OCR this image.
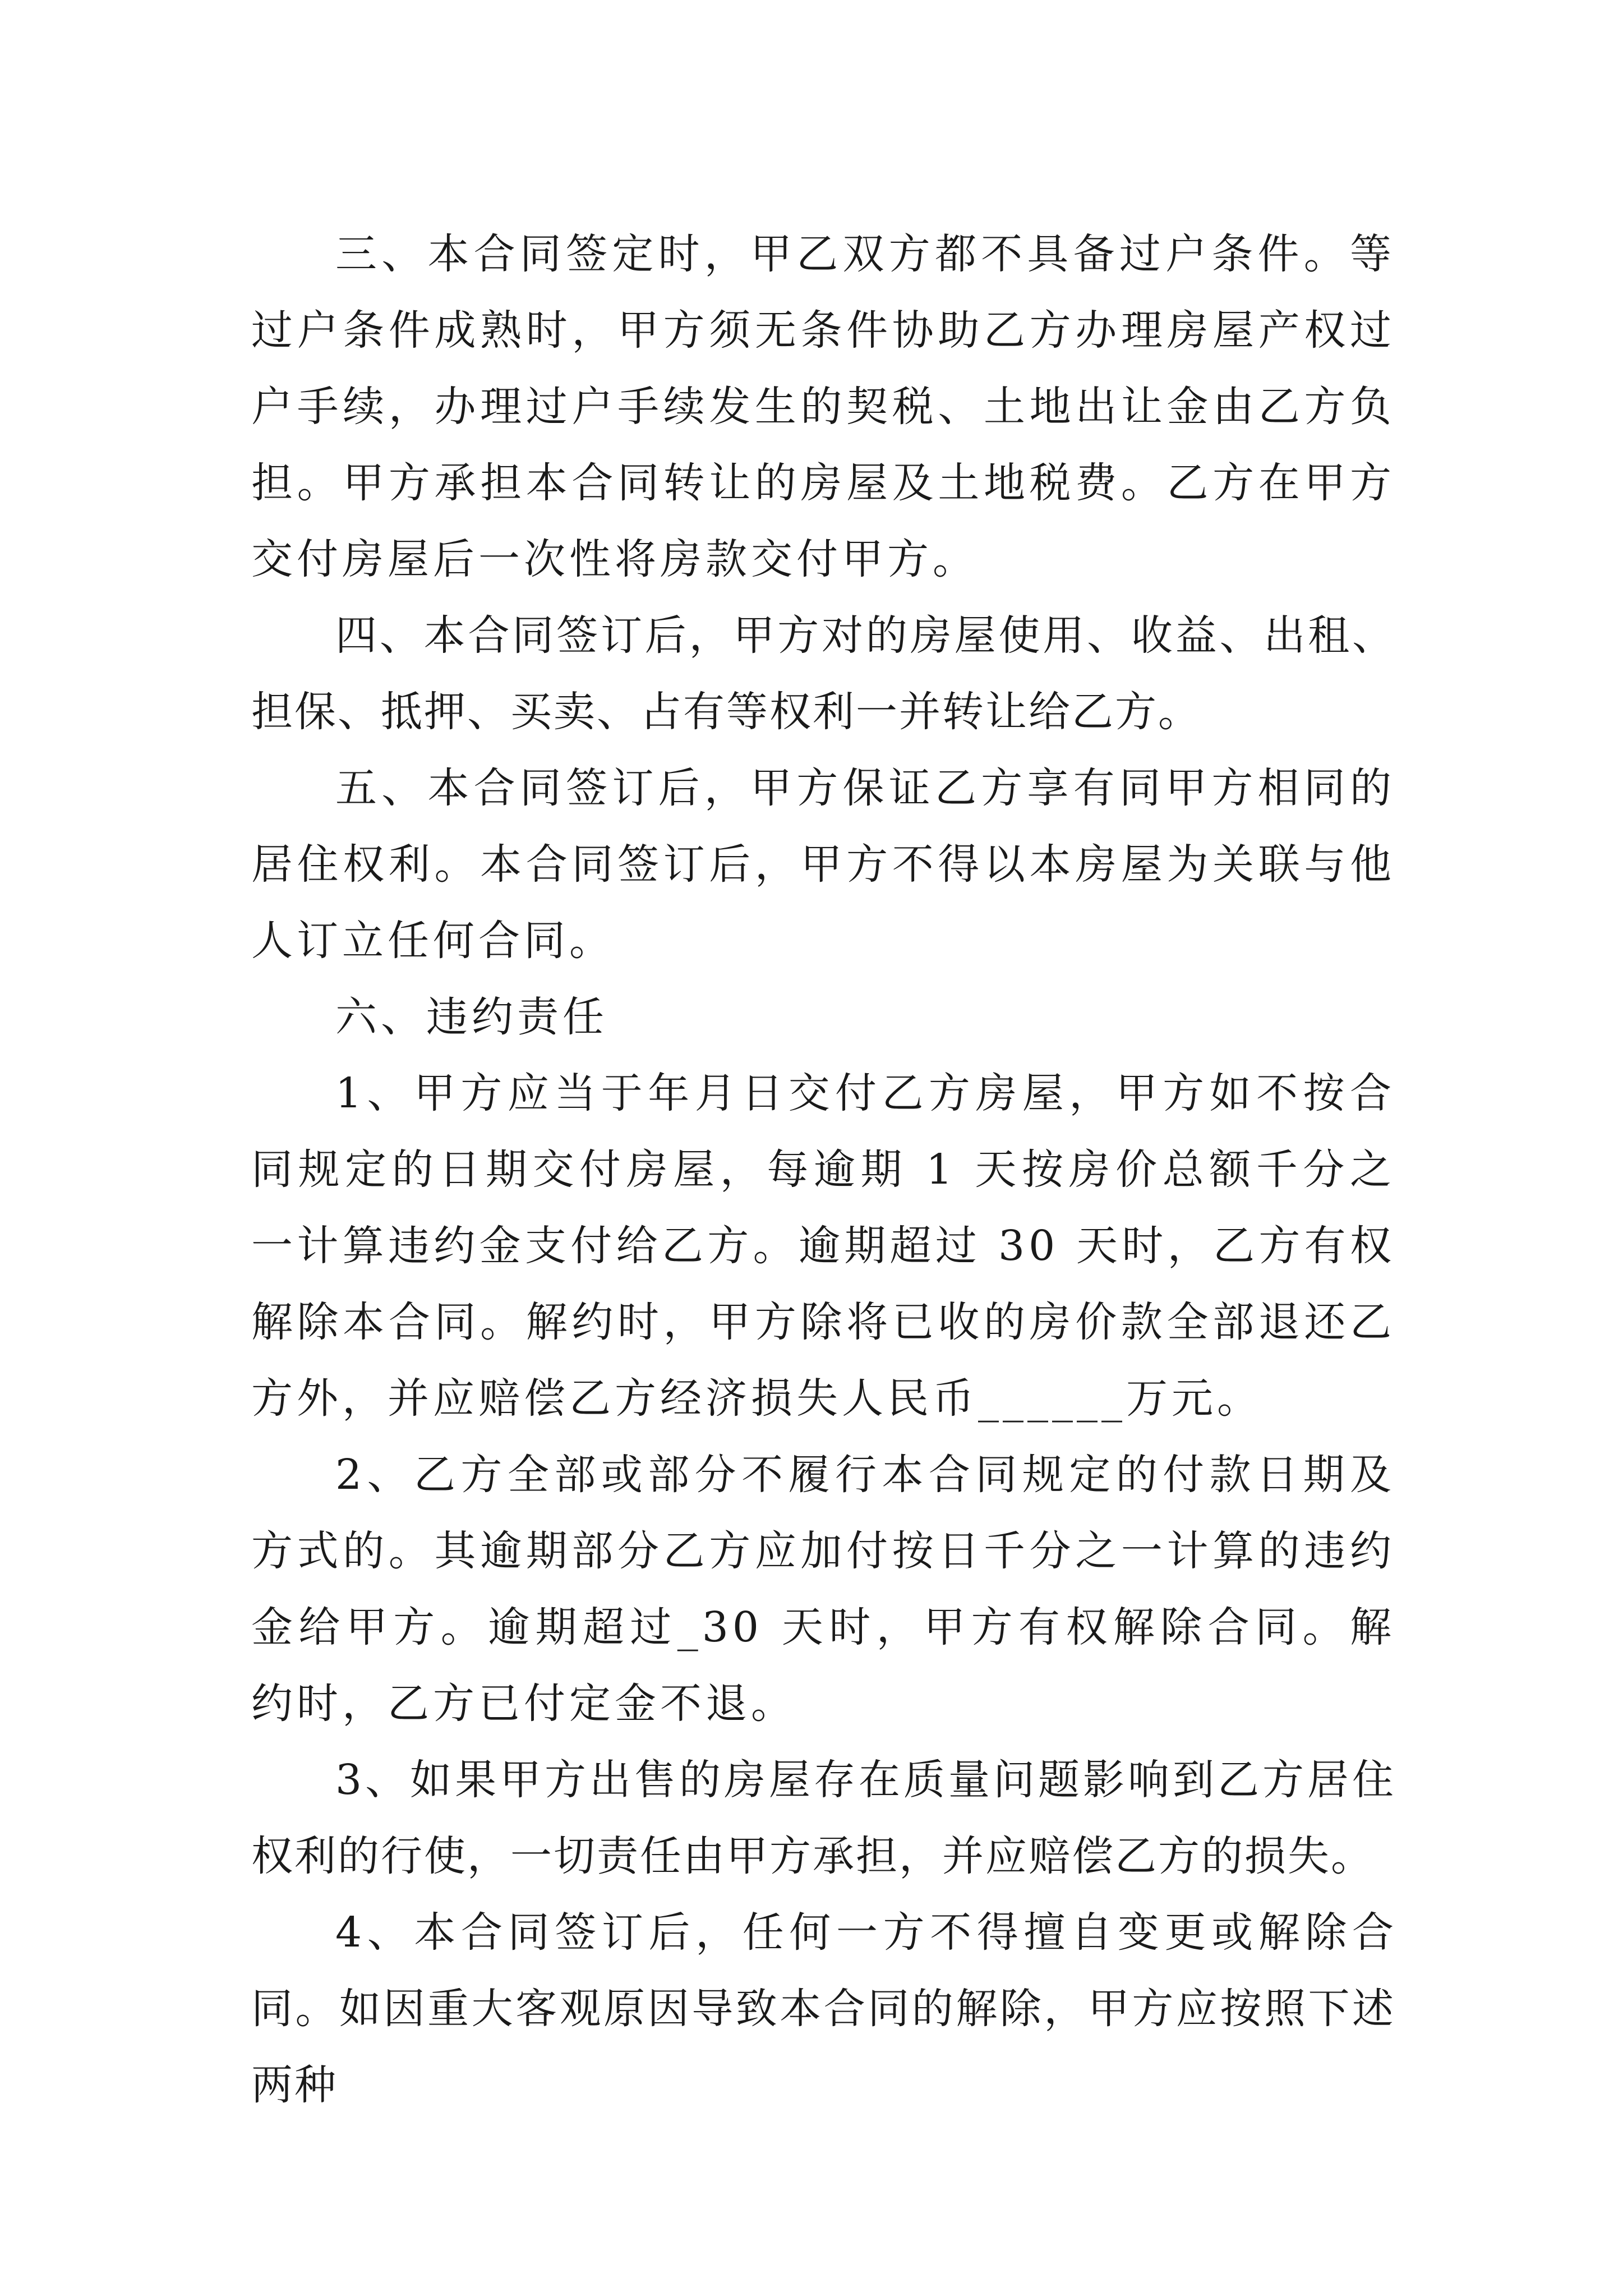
三、本合同签定时，甲乙双方都不具备过户条件。等过户条件成熟时，甲方须无条件协助乙方办理房屋产权过户手续，办理过户手续发生的契税、土地出让金由乙方负担。甲方承担本合同转让的房屋及土地税费。乙方在甲方交付房屋后一次性将房款交付甲方。

四、本合同签订后，甲方对的房屋使用、收益、出租、担保、抵押、买卖、占有等权利一并转让给乙方。

五、本合同签订后，甲方保证乙方享有同甲方相同的居住权利。本合同签订后，甲方不得以本房屋为关联与他人订立任何合同。

六、违约责任

1、甲方应当于年月日交付乙方房屋，甲方如不按合同规定的日期交付房屋，每逾期 1 天按房价总额千分之一计算违约金支付给乙方。逾期超过 30 天时，乙方有权解除本合同。解约时，甲方除将已收的房价款全部退还乙方外，并应赔偿乙方经济损失人民币______万元。

2、乙方全部或部分不履行本合同规定的付款日期及方式的。其逾期部分乙方应加付按日千分之一计算的违约金给甲方。逾期超过_30 天时，甲方有权解除合同。解约时，乙方已付定金不退。

3、如果甲方出售的房屋存在质量问题影响到乙方居住权利的行使，一切责任由甲方承担，并应赔偿乙方的损失。

4、本合同签订后，任何一方不得擅自变更或解除合同。如因重大客观原因导致本合同的解除，甲方应按照下述两种
